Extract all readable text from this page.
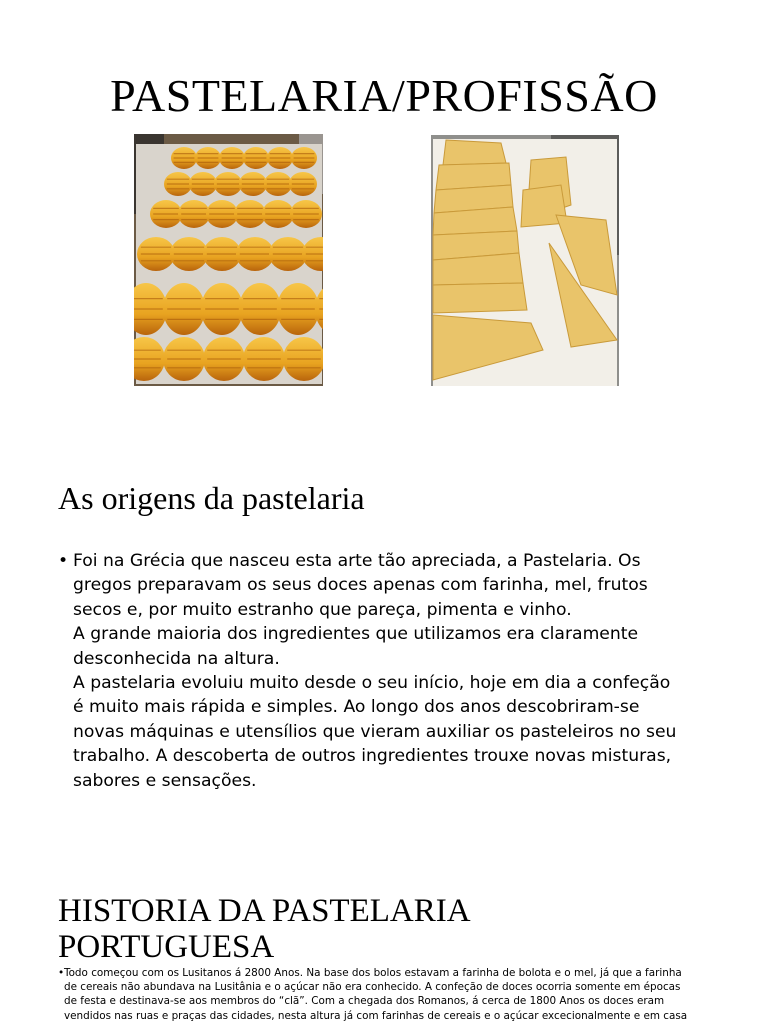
PASTELARIA/PROFISSÃO
As origens da pastelaria
• Foi na Grécia que nasceu esta arte tão apreciada, a Pastelaria. Os
gregos preparavam os seus doces apenas com farinha, mel, frutos
secos e, por muito estranho que pareça, pimenta e vinho.
A grande maioria dos ingredientes que utilizamos era claramente
desconhecida na altura.
A pastelaria evoluiu muito desde o seu início, hoje em dia a confeção
é muito mais rápida e simples. Ao longo dos anos descobriram-se
novas máquinas e utensílios que vieram auxiliar os pasteleiros no seu
trabalho. A descoberta de outros ingredientes trouxe novas misturas,
sabores e sensações.
HISTORIA DA PASTELARIA
PORTUGUESA
• Todo começou com os Lusitanos á 2800 Anos. Na base dos bolos estavam a farinha de bolota e o mel, já que a farinha
de cereais não abundava na Lusitânia e o açúcar não era conhecido. A confeção de doces ocorria somente em épocas
de festa e destinava-se aos membros do “clã”. Com a chegada dos Romanos, á cerca de 1800 Anos os doces eram
vendidos nas ruas e praças das cidades, nesta altura já com farinhas de cereais e o açúcar excecionalmente e em casa
